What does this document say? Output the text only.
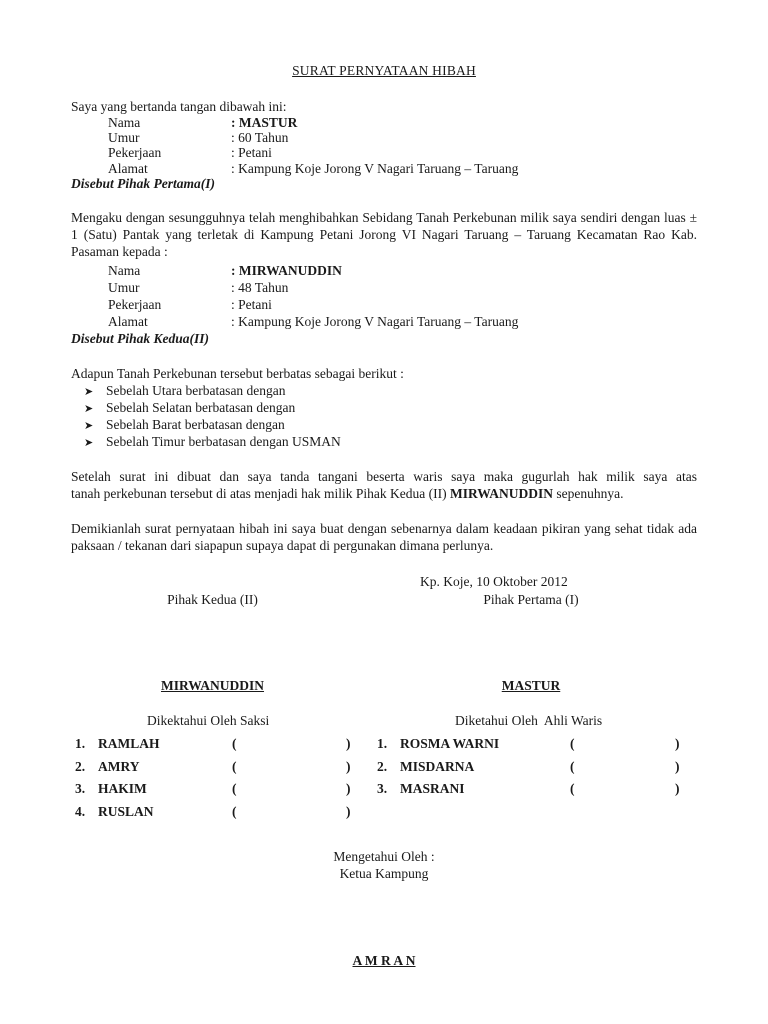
SURAT PERNYATAAN HIBAH
Saya yang bertanda tangan dibawah ini:
Nama	: MASTUR
Umur	: 60 Tahun
Pekerjaan	: Petani
Alamat	: Kampung Koje Jorong V Nagari Taruang – Taruang
Disebut Pihak Pertama(I)
Mengaku dengan sesungguhnya telah menghibahkan Sebidang Tanah Perkebunan milik saya sendiri dengan luas ± 1 (Satu) Pantak yang terletak di Kampung Petani Jorong VI Nagari Taruang – Taruang Kecamatan Rao Kab. Pasaman kepada :
Nama	: MIRWANUDDIN
Umur	: 48 Tahun
Pekerjaan	: Petani
Alamat	: Kampung Koje Jorong V Nagari Taruang – Taruang
Disebut Pihak Kedua(II)
Adapun Tanah Perkebunan tersebut berbatas sebagai berikut :
➤ Sebelah Utara berbatasan dengan
➤ Sebelah Selatan berbatasan dengan
➤ Sebelah Barat berbatasan dengan
➤ Sebelah Timur berbatasan dengan USMAN
Setelah surat ini dibuat dan saya tanda tangani beserta waris saya maka gugurlah hak milik saya atas
tanah perkebunan tersebut di atas menjadi hak milik Pihak Kedua (II) MIRWANUDDIN sepenuhnya.
Demikianlah surat pernyataan hibah ini saya buat dengan sebenarnya dalam keadaan pikiran yang sehat tidak ada paksaan / tekanan dari siapapun supaya dapat di pergunakan dimana perlunya.
Kp. Koje, 10 Oktober 2012
Pihak Kedua (II)	Pihak Pertama (I)
MIRWANUDDIN	MASTUR
Dikektahui Oleh Saksi	Diketahui Oleh  Ahli Waris
1. RAMLAH	(	)
2. AMRY	(	)
3. HAKIM	(	)
4. RUSLAN	(	)
1. ROSMA WARNI	(	)
2. MISDARNA	(	)
3. MASRANI	(	)
Mengetahui Oleh :
Ketua Kampung
A M R A N
